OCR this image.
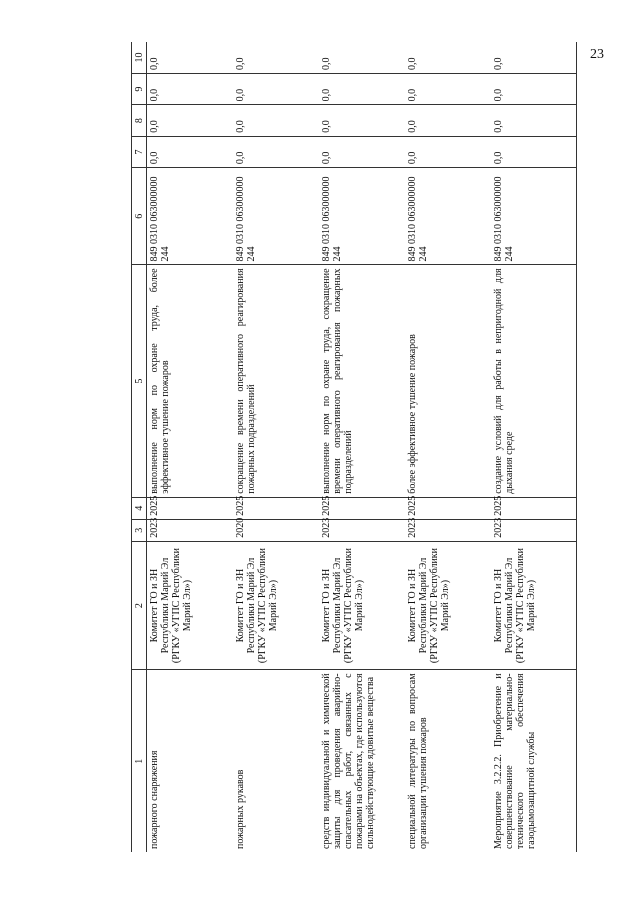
23
1	2	3	4	5	6	7	8	9	10
пожарного снаряжения	Комитет ГО и ЗН Республики Марий Эл (РГКУ «УГПС Республики Марий Эл»)	2023	2025	выполнение норм по охране труда, более эффективное тушение пожаров	849 0310 063000000 244	0,0	0,0	0,0	0,0
пожарных рукавов	Комитет ГО и ЗН Республики Марий Эл (РГКУ «УГПС Республики Марий Эл»)	2020	2025	сокращение времени оперативного реагирования пожарных подразделений	849 0310 063000000 244	0,0	0,0	0,0	0,0
средств индивидуальной и химической защиты для проведения аварийно-спасательных работ, связанных с пожарами на объектах, где используются сильнодействующие ядовитые вещества	Комитет ГО и ЗН Республики Марий Эл (РГКУ «УГПС Республики Марий Эл»)	2023	2025	выполнение норм по охране труда, сокращение времени оперативного реагирования пожарных подразделений	849 0310 063000000 244	0,0	0,0	0,0	0,0
специальной литературы по вопросам организации тушения пожаров	Комитет ГО и ЗН Республики Марий Эл (РГКУ «УГПС Республики Марий Эл»)	2023	2025	более эффективное тушение пожаров	849 0310 063000000 244	0,0	0,0	0,0	0,0
Мероприятие 3.2.2.2. Приобретение и совершенствование материально-технического обеспечения газодымозащитной службы	Комитет ГО и ЗН Республики Марий Эл (РГКУ «УГПС Республики Марий Эл»)	2023	2025	создание условий для работы в непригодной для дыхания среде	849 0310 063000000 244	0,0	0,0	0,0	0,0
